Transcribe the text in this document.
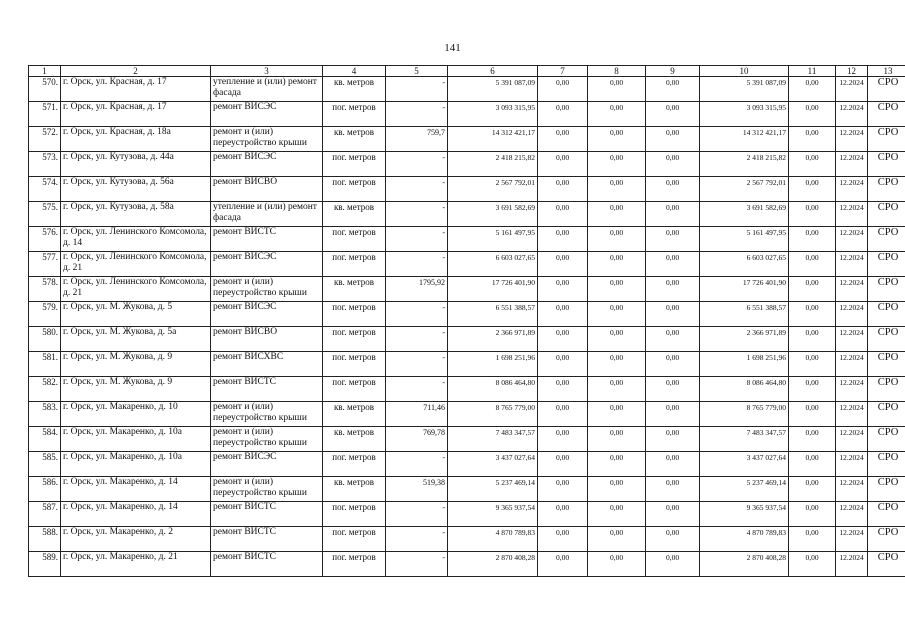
141
1	2	3	4	5	6	7	8	9	10	11	12	13
570.	г. Орск, ул. Красная, д. 17	утепление и (или) ремонт фасада	кв. метров	-	5 391 087,09	0,00	0,00	0,00	5 391 087,09	0,00	12.2024	СРО
571.	г. Орск, ул. Красная, д. 17	ремонт ВИСЭС	пог. метров	-	3 093 315,95	0,00	0,00	0,00	3 093 315,95	0,00	12.2024	СРО
572.	г. Орск, ул. Красная, д. 18а	ремонт и (или) переустройство крыши	кв. метров	759,7	14 312 421,17	0,00	0,00	0,00	14 312 421,17	0,00	12.2024	СРО
573.	г. Орск, ул. Кутузова, д. 44а	ремонт ВИСЭС	пог. метров	-	2 418 215,82	0,00	0,00	0,00	2 418 215,82	0,00	12.2024	СРО
574.	г. Орск, ул. Кутузова, д. 56а	ремонт ВИСВО	пог. метров	-	2 567 792,01	0,00	0,00	0,00	2 567 792,01	0,00	12.2024	СРО
575.	г. Орск, ул. Кутузова, д. 58а	утепление и (или) ремонт фасада	кв. метров	-	3 691 582,69	0,00	0,00	0,00	3 691 582,69	0,00	12.2024	СРО
576.	г. Орск, ул. Ленинского Комсомола, д. 14	ремонт ВИСТС	пог. метров	-	5 161 497,95	0,00	0,00	0,00	5 161 497,95	0,00	12.2024	СРО
577.	г. Орск, ул. Ленинского Комсомола, д. 21	ремонт ВИСЭС	пог. метров	-	6 603 027,65	0,00	0,00	0,00	6 603 027,65	0,00	12.2024	СРО
578.	г. Орск, ул. Ленинского Комсомола, д. 21	ремонт и (или) переустройство крыши	кв. метров	1795,92	17 726 401,90	0,00	0,00	0,00	17 726 401,90	0,00	12.2024	СРО
579.	г. Орск, ул. М. Жукова, д. 5	ремонт ВИСЭС	пог. метров	-	6 551 388,57	0,00	0,00	0,00	6 551 388,57	0,00	12.2024	СРО
580.	г. Орск, ул. М. Жукова, д. 5а	ремонт ВИСВО	пог. метров	-	2 366 971,89	0,00	0,00	0,00	2 366 971,89	0,00	12.2024	СРО
581.	г. Орск, ул. М. Жукова, д. 9	ремонт ВИСХВС	пог. метров	-	1 698 251,96	0,00	0,00	0,00	1 698 251,96	0,00	12.2024	СРО
582.	г. Орск, ул. М. Жукова, д. 9	ремонт ВИСТС	пог. метров	-	8 086 464,80	0,00	0,00	0,00	8 086 464,80	0,00	12.2024	СРО
583.	г. Орск, ул. Макаренко, д. 10	ремонт и (или) переустройство крыши	кв. метров	711,46	8 765 779,00	0,00	0,00	0,00	8 765 779,00	0,00	12.2024	СРО
584.	г. Орск, ул. Макаренко, д. 10а	ремонт и (или) переустройство крыши	кв. метров	769,78	7 483 347,57	0,00	0,00	0,00	7 483 347,57	0,00	12.2024	СРО
585.	г. Орск, ул. Макаренко, д. 10а	ремонт ВИСЭС	пог. метров	-	3 437 027,64	0,00	0,00	0,00	3 437 027,64	0,00	12.2024	СРО
586.	г. Орск, ул. Макаренко, д. 14	ремонт и (или) переустройство крыши	кв. метров	519,38	5 237 469,14	0,00	0,00	0,00	5 237 469,14	0,00	12.2024	СРО
587.	г. Орск, ул. Макаренко, д. 14	ремонт ВИСТС	пог. метров	-	9 365 937,54	0,00	0,00	0,00	9 365 937,54	0,00	12.2024	СРО
588.	г. Орск, ул. Макаренко, д. 2	ремонт ВИСТС	пог. метров	-	4 870 789,83	0,00	0,00	0,00	4 870 789,83	0,00	12.2024	СРО
589.	г. Орск, ул. Макаренко, д. 21	ремонт ВИСТС	пог. метров	-	2 870 408,28	0,00	0,00	0,00	2 870 408,28	0,00	12.2024	СРО
